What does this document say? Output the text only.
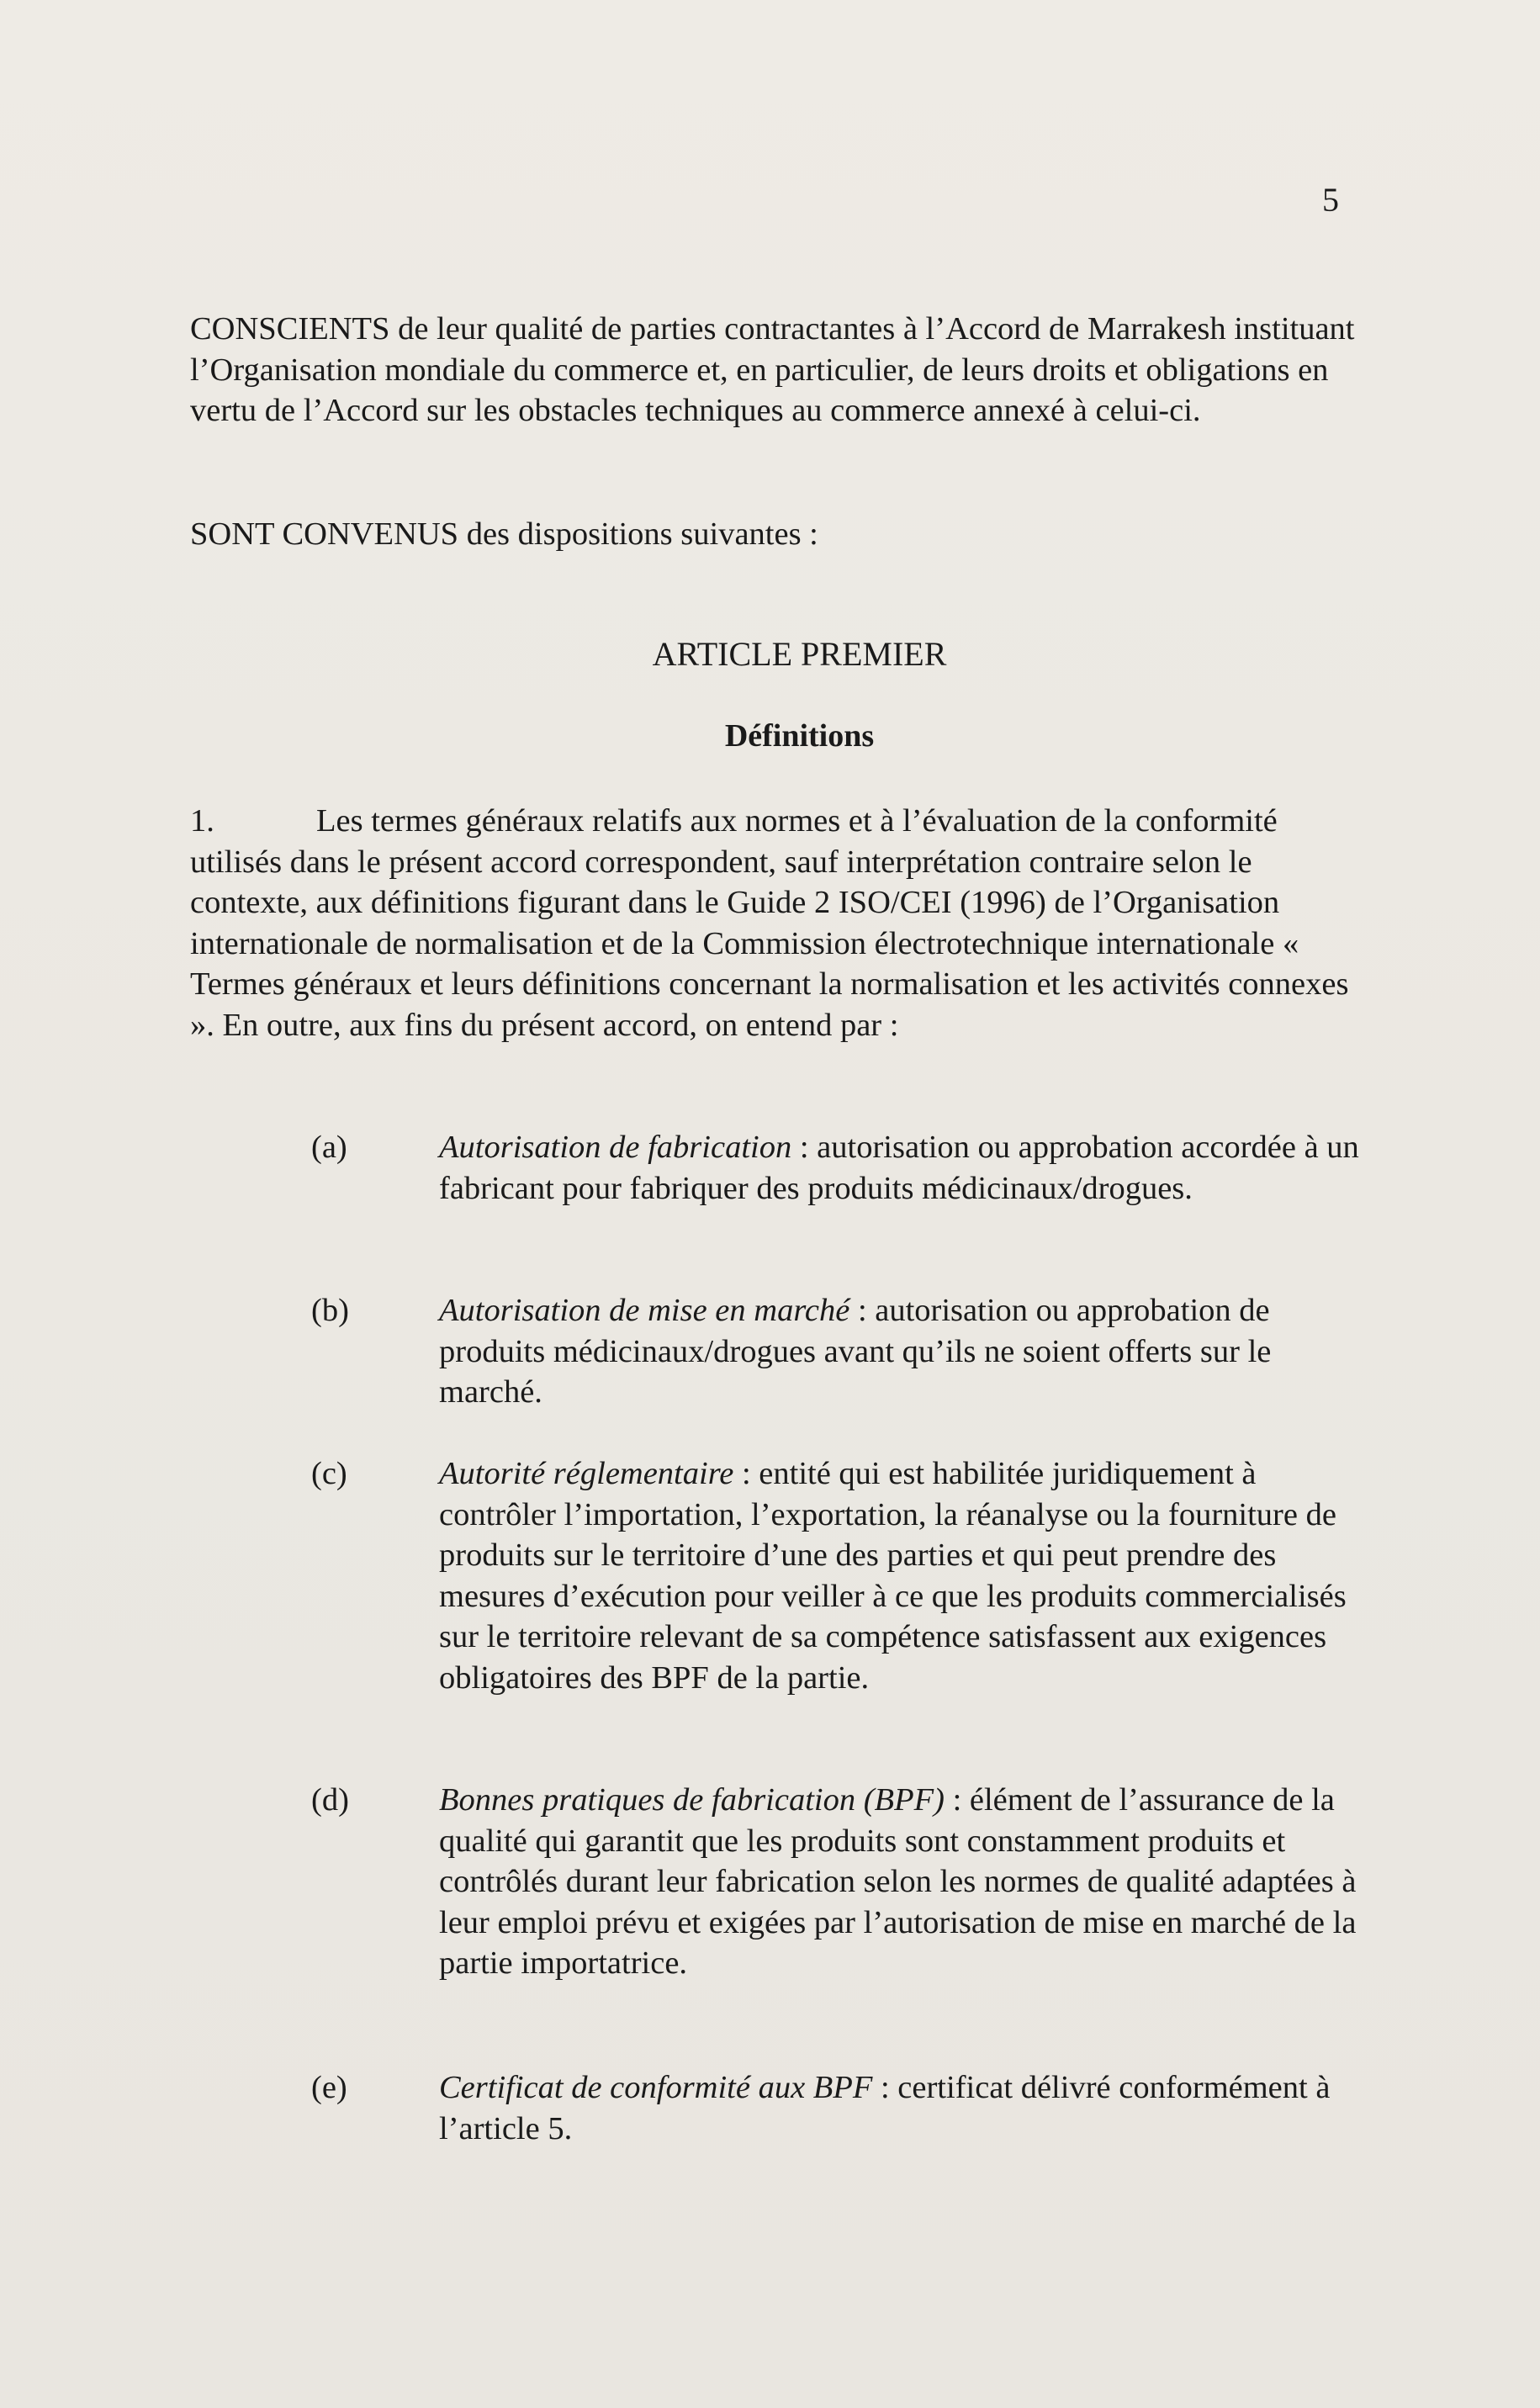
5
CONSCIENTS de leur qualité de parties contractantes à l’Accord de Marrakesh instituant l’Organisation mondiale du commerce et, en particulier, de leurs droits et obligations en vertu de l’Accord sur les obstacles techniques au commerce annexé à celui-ci.
SONT CONVENUS des dispositions suivantes :
ARTICLE PREMIER
Définitions
1.	Les termes généraux relatifs aux normes et à l’évaluation de la conformité utilisés dans le présent accord correspondent, sauf interprétation contraire selon le contexte, aux définitions figurant dans le Guide 2 ISO/CEI (1996) de l’Organisation internationale de normalisation et de la Commission électrotechnique internationale « Termes généraux et leurs définitions concernant la normalisation et les activités connexes ». En outre, aux fins du présent accord, on entend par :
(a)	Autorisation de fabrication : autorisation ou approbation accordée à un fabricant pour fabriquer des produits médicinaux/drogues.
(b)	Autorisation de mise en marché : autorisation ou approbation de produits médicinaux/drogues avant qu’ils ne soient offerts sur le marché.
(c)	Autorité réglementaire : entité qui est habilitée juridiquement à contrôler l’importation, l’exportation, la réanalyse ou la fourniture de produits sur le territoire d’une des parties et qui peut prendre des mesures d’exécution pour veiller à ce que les produits commercialisés sur le territoire relevant de sa compétence satisfassent aux exigences obligatoires des BPF de la partie.
(d)	Bonnes pratiques de fabrication (BPF) : élément de l’assurance de la qualité qui garantit que les produits sont constamment produits et contrôlés durant leur fabrication selon les normes de qualité adaptées à leur emploi prévu et exigées par l’autorisation de mise en marché de la partie importatrice.
(e)	Certificat de conformité aux BPF : certificat délivré conformément à l’article 5.
